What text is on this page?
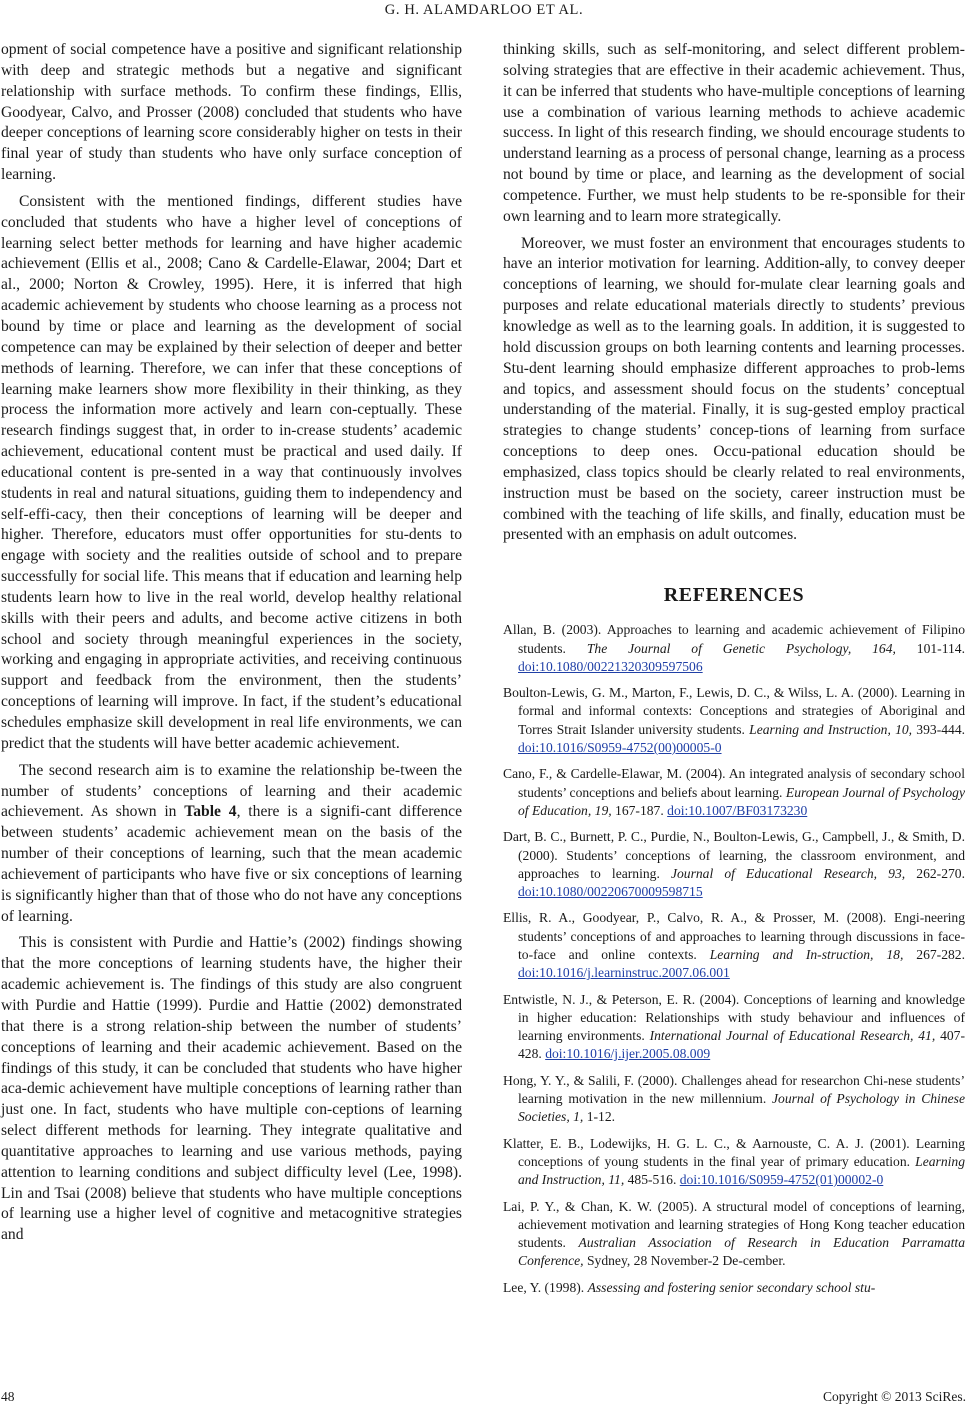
G. H. ALAMDARLOO ET AL.

opment of social competence have a positive and significant relationship with deep and strategic methods but a negative and significant relationship with surface methods. To confirm these findings, Ellis, Goodyear, Calvo, and Prosser (2008) concluded that students who have deeper conceptions of learning score considerably higher on tests in their final year of study than students who have only surface conception of learning.

Consistent with the mentioned findings, different studies have concluded that students who have a higher level of conceptions of learning select better methods for learning and have higher academic achievement (Ellis et al., 2008; Cano & Cardelle-Elawar, 2004; Dart et al., 2000; Norton & Crowley, 1995). Here, it is inferred that high academic achievement by students who choose learning as a process not bound by time or place and learning as the development of social competence can may be explained by their selection of deeper and better methods of learning. Therefore, we can infer that these conceptions of learning make learners show more flexibility in their thinking, as they process the information more actively and learn con-ceptually. These research findings suggest that, in order to in-crease students’ academic achievement, educational content must be practical and used daily. If educational content is pre-sented in a way that continuously involves students in real and natural situations, guiding them to independency and self-effi-cacy, then their conceptions of learning will be deeper and higher. Therefore, educators must offer opportunities for stu-dents to engage with society and the realities outside of school and to prepare successfully for social life. This means that if education and learning help students learn how to live in the real world, develop healthy relational skills with their peers and adults, and become active citizens in both school and society through meaningful experiences in the society, working and engaging in appropriate activities, and receiving continuous support and feedback from the environment, then the students’ conceptions of learning will improve. In fact, if the student’s educational schedules emphasize skill development in real life environments, we can predict that the students will have better academic achievement.

The second research aim is to examine the relationship be-tween the number of students’ conceptions of learning and their academic achievement. As shown in Table 4, there is a signifi-cant difference between students’ academic achievement mean on the basis of the number of their conceptions of learning, such that the mean academic achievement of participants who have five or six conceptions of learning is significantly higher than that of those who do not have any conceptions of learning.

This is consistent with Purdie and Hattie’s (2002) findings showing that the more conceptions of learning students have, the higher their academic achievement is. The findings of this study are also congruent with Purdie and Hattie (1999). Purdie and Hattie (2002) demonstrated that there is a strong relation-ship between the number of students’ conceptions of learning and their academic achievement. Based on the findings of this study, it can be concluded that students who have higher aca-demic achievement have multiple conceptions of learning rather than just one. In fact, students who have multiple con-ceptions of learning select different methods for learning. They integrate qualitative and quantitative approaches to learning and use various methods, paying attention to learning conditions and subject difficulty level (Lee, 1998). Lin and Tsai (2008) believe that students who have multiple conceptions of learning use a higher level of cognitive and metacognitive strategies and

thinking skills, such as self-monitoring, and select different problem-solving strategies that are effective in their academic achievement. Thus, it can be inferred that students who have-multiple conceptions of learning use a combination of various learning methods to achieve academic success. In light of this research finding, we should encourage students to understand learning as a process of personal change, learning as a process not bound by time or place, and learning as the development of social competence. Further, we must help students to be re-sponsible for their own learning and to learn more strategically.

Moreover, we must foster an environment that encourages students to have an interior motivation for learning. Addition-ally, to convey deeper conceptions of learning, we should for-mulate clear learning goals and purposes and relate educational materials directly to students’ previous knowledge as well as to the learning goals. In addition, it is suggested to hold discussion groups on both learning contents and learning processes. Stu-dent learning should emphasize different approaches to prob-lems and topics, and assessment should focus on the students’ conceptual understanding of the material. Finally, it is sug-gested employ practical strategies to change students’ concep-tions of learning from surface conceptions to deep ones. Occu-pational education should be emphasized, class topics should be clearly related to real environments, instruction must be based on the society, career instruction must be combined with the teaching of life skills, and finally, education must be presented with an emphasis on adult outcomes.

REFERENCES
Allan, B. (2003). Approaches to learning and academic achievement of Filipino students. The Journal of Genetic Psychology, 164, 101-114. doi:10.1080/00221320309597506
Boulton-Lewis, G. M., Marton, F., Lewis, D. C., & Wilss, L. A. (2000). Learning in formal and informal contexts: Conceptions and strategies of Aboriginal and Torres Strait Islander university students. Learning and Instruction, 10, 393-444. doi:10.1016/S0959-4752(00)00005-0
Cano, F., & Cardelle-Elawar, M. (2004). An integrated analysis of secondary school students’ conceptions and beliefs about learning. European Journal of Psychology of Education, 19, 167-187. doi:10.1007/BF03173230
Dart, B. C., Burnett, P. C., Purdie, N., Boulton-Lewis, G., Campbell, J., & Smith, D. (2000). Students’ conceptions of learning, the classroom environment, and approaches to learning. Journal of Educational Research, 93, 262-270. doi:10.1080/00220670009598715
Ellis, R. A., Goodyear, P., Calvo, R. A., & Prosser, M. (2008). Engi-neering students’ conceptions of and approaches to learning through discussions in face-to-face and online contexts. Learning and In-struction, 18, 267-282. doi:10.1016/j.learninstruc.2007.06.001
Entwistle, N. J., & Peterson, E. R. (2004). Conceptions of learning and knowledge in higher education: Relationships with study behaviour and influences of learning environments. International Journal of Educational Research, 41, 407-428. doi:10.1016/j.ijer.2005.08.009
Hong, Y. Y., & Salili, F. (2000). Challenges ahead for researchon Chi-nese students’ learning motivation in the new millennium. Journal of Psychology in Chinese Societies, 1, 1-12.
Klatter, E. B., Lodewijks, H. G. L. C., & Aarnouste, C. A. J. (2001). Learning conceptions of young students in the final year of primary education. Learning and Instruction, 11, 485-516. doi:10.1016/S0959-4752(01)00002-0
Lai, P. Y., & Chan, K. W. (2005). A structural model of conceptions of learning, achievement motivation and learning strategies of Hong Kong teacher education students. Australian Association of Research in Education Parramatta Conference, Sydney, 28 November-2 De-cember.
Lee, Y. (1998). Assessing and fostering senior secondary school stu-
48	Copyright © 2013 SciRes.
